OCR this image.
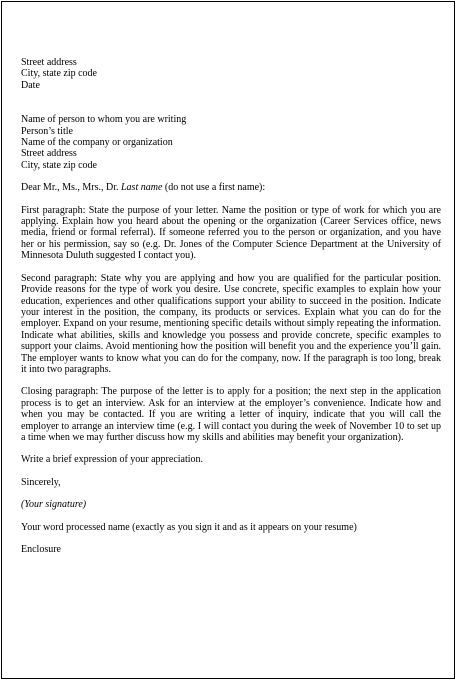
Street address

City, state zip code

Date

Name of person to whom you are writing

Person’s title

Name of the company or organization

Street address

City, state zip code

Dear Mr., Ms., Mrs., Dr. Last name (do not use a first name):

First paragraph: State the purpose of your letter. Name the position or type of work for which you are applying. Explain how you heard about the opening or the organization (Career Services office, news media, friend or formal referral). If someone referred you to the person or organization, and you have her or his permission, say so (e.g. Dr. Jones of the Computer Science Department at the University of Minnesota Duluth suggested I contact you).

Second paragraph: State why you are applying and how you are qualified for the particular position. Provide reasons for the type of work you desire. Use concrete, specific examples to explain how your education, experiences and other qualifications support your ability to succeed in the position. Indicate your interest in the position, the company, its products or services. Explain what you can do for the employer. Expand on your resume, mentioning specific details without simply repeating the information. Indicate what abilities, skills and knowledge you possess and provide concrete, specific examples to support your claims. Avoid mentioning how the position will benefit you and the experience you’ll gain. The employer wants to know what you can do for the company, now. If the paragraph is too long, break it into two paragraphs.

Closing paragraph: The purpose of the letter is to apply for a position; the next step in the application process is to get an interview. Ask for an interview at the employer’s convenience. Indicate how and when you may be contacted. If you are writing a letter of inquiry, indicate that you will call the employer to arrange an interview time (e.g. I will contact you during the week of November 10 to set up a time when we may further discuss how my skills and abilities may benefit your organization).

Write a brief expression of your appreciation.

Sincerely,

(Your signature)

Your word processed name (exactly as you sign it and as it appears on your resume)

Enclosure
